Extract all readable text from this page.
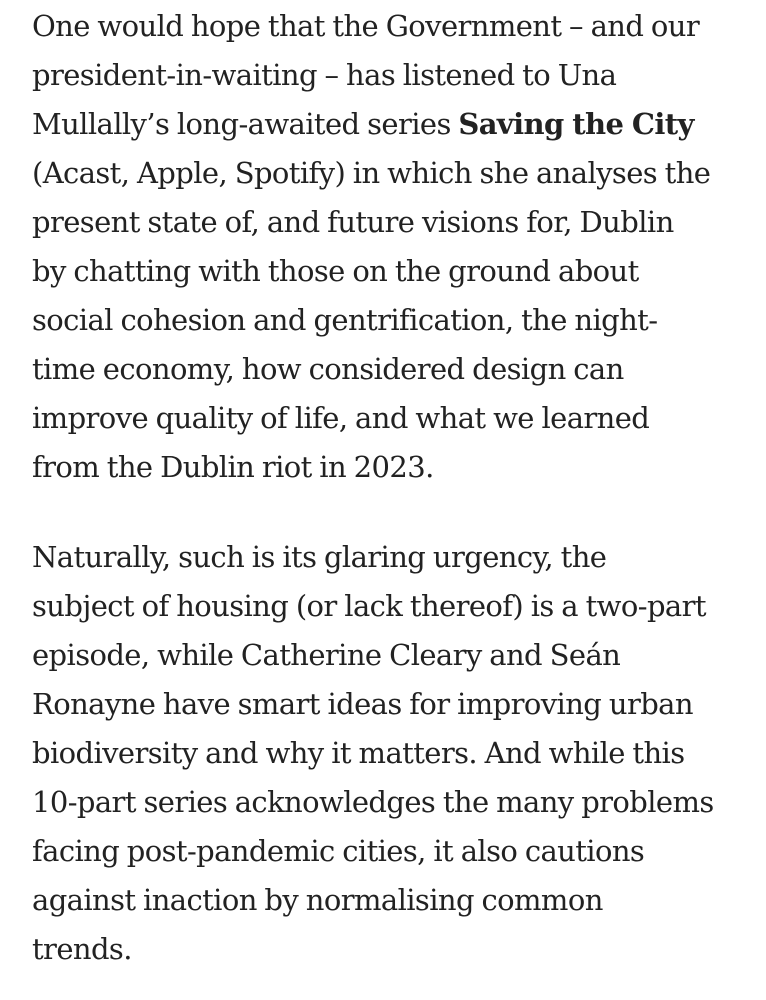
One would hope that the Government – and our
president-in-waiting – has listened to Una
Mullally’s long-awaited series Saving the City
(Acast, Apple, Spotify) in which she analyses the
present state of, and future visions for, Dublin
by chatting with those on the ground about
social cohesion and gentrification, the night-
time economy, how considered design can
improve quality of life, and what we learned
from the Dublin riot in 2023.

Naturally, such is its glaring urgency, the
subject of housing (or lack thereof) is a two-part
episode, while Catherine Cleary and Seán
Ronayne have smart ideas for improving urban
biodiversity and why it matters. And while this
10-part series acknowledges the many problems
facing post-pandemic cities, it also cautions
against inaction by normalising common
trends.
